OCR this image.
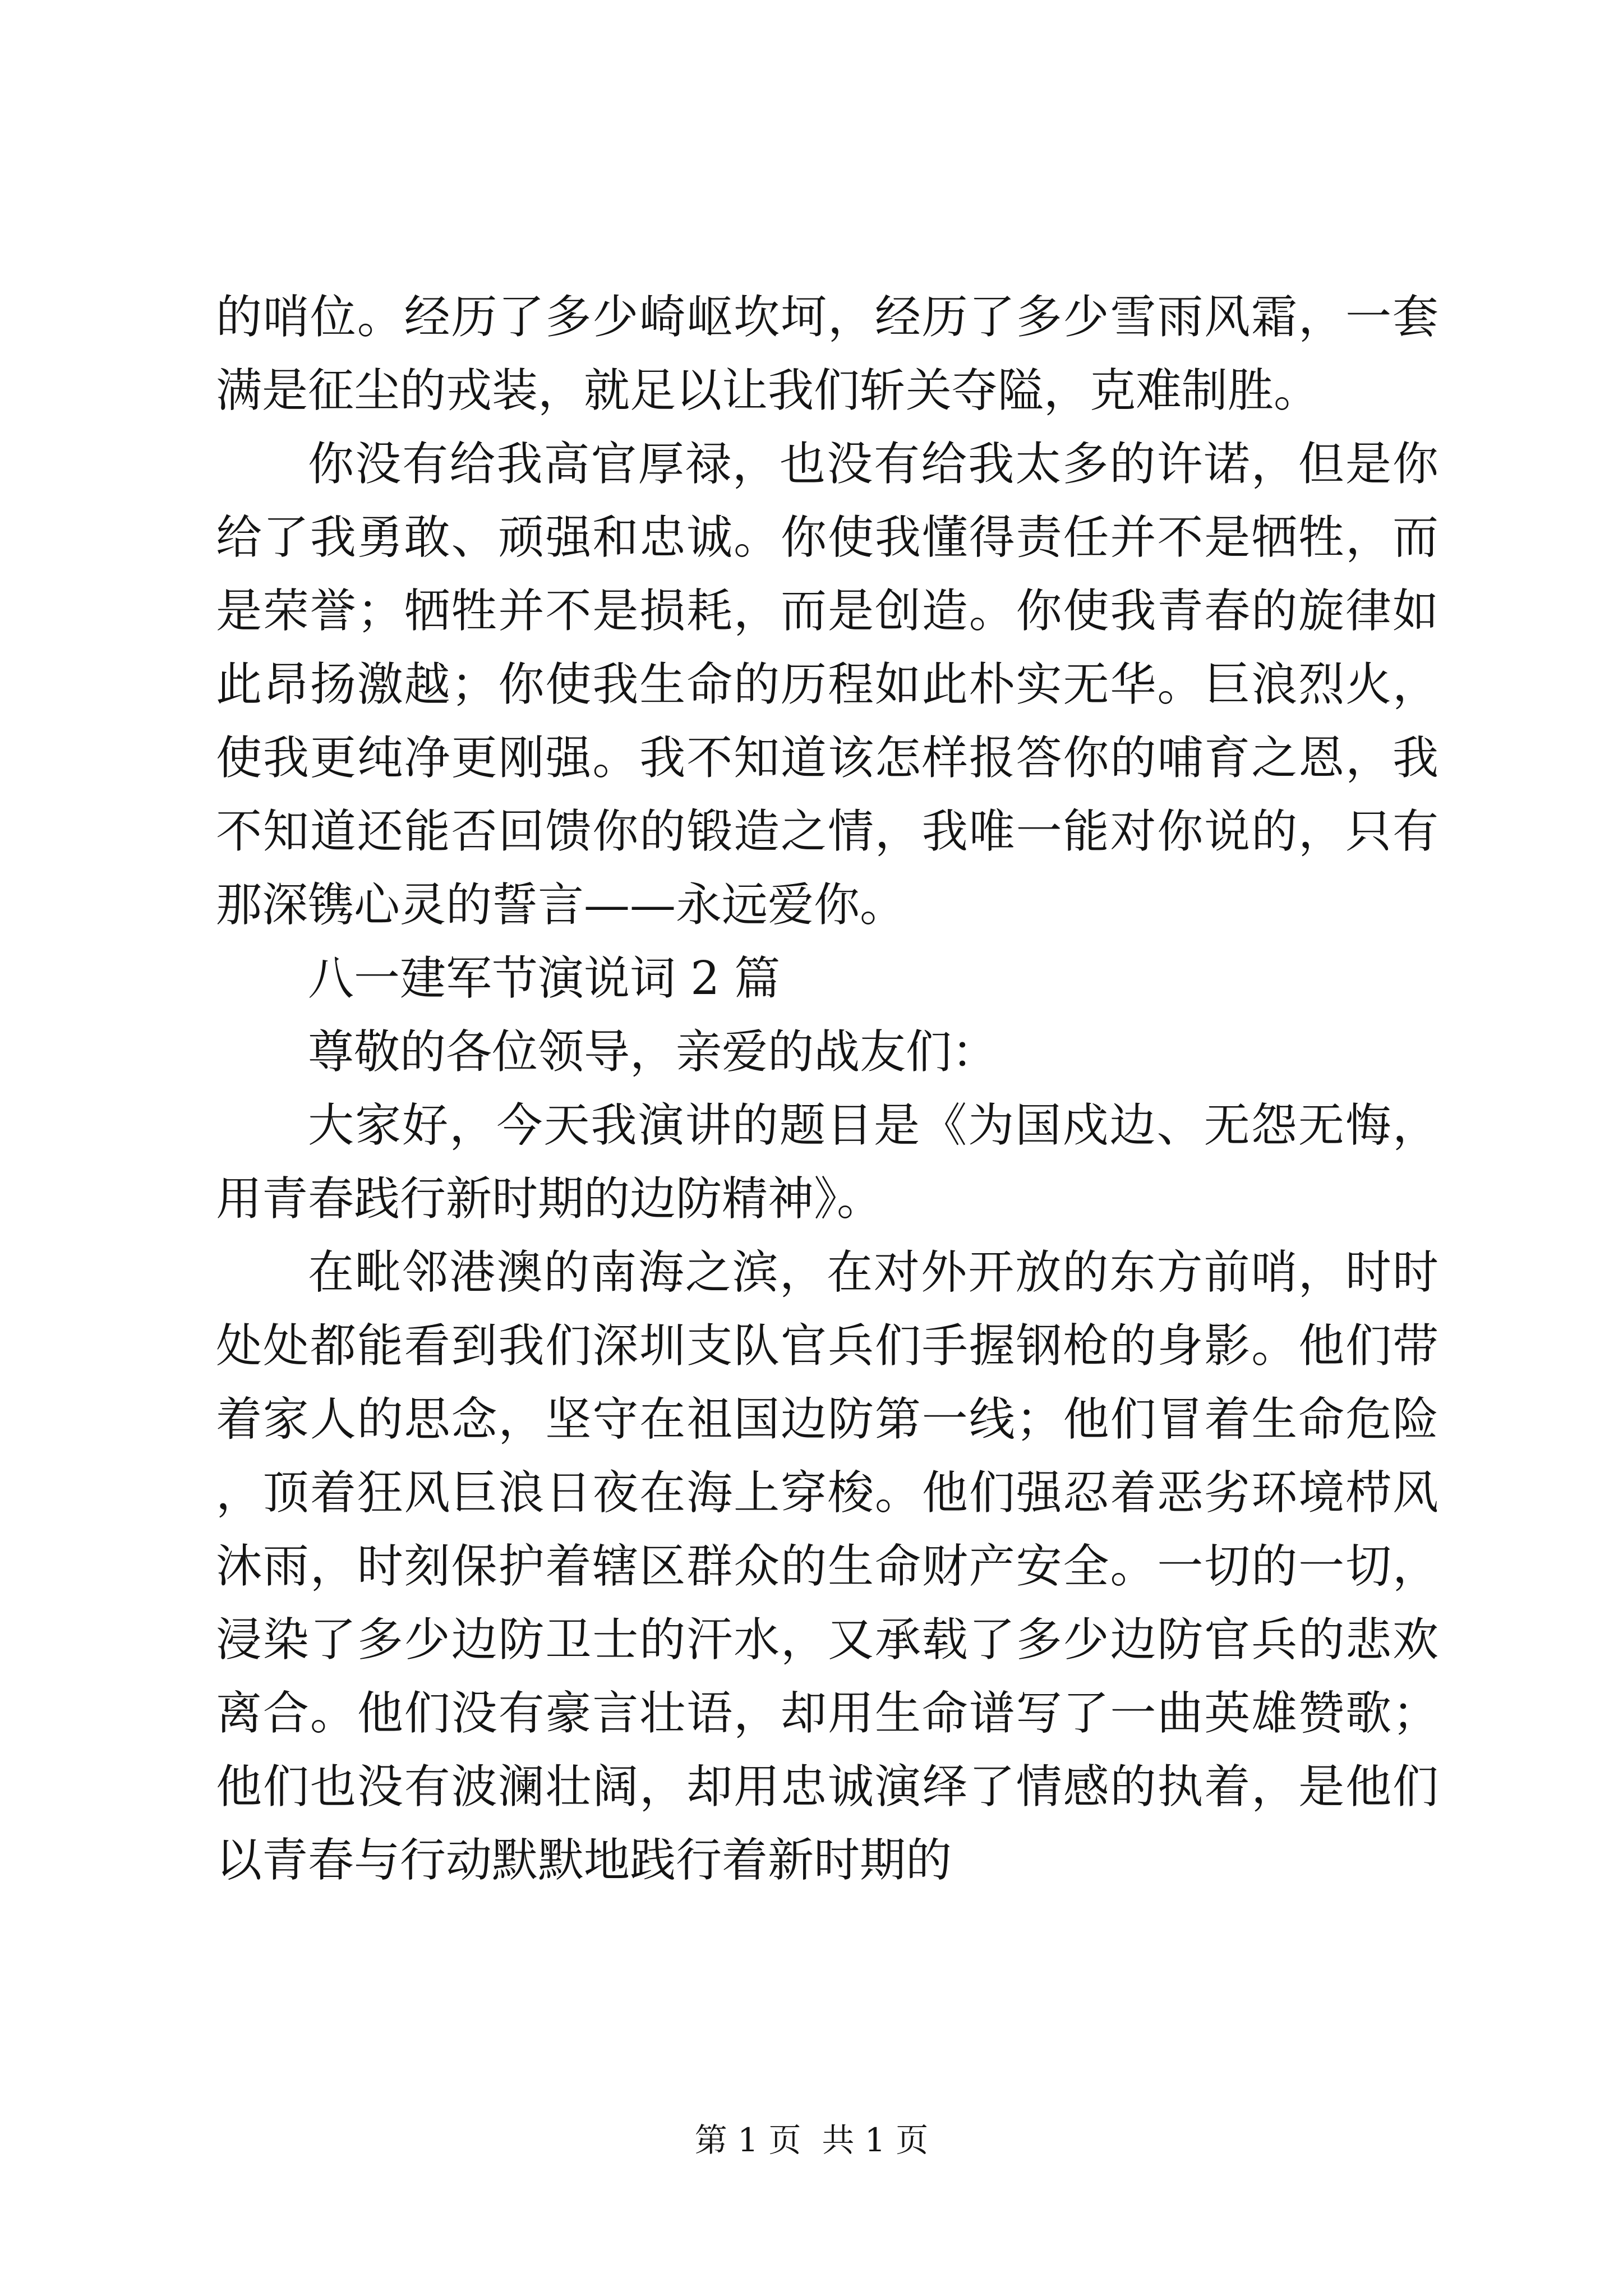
的哨位。经历了多少崎岖坎坷，经历了多少雪雨风霜，一套满是征尘的戎装，就足以让我们斩关夺隘，克难制胜。

你没有给我高官厚禄，也没有给我太多的许诺，但是你给了我勇敢、顽强和忠诚。你使我懂得责任并不是牺牲，而是荣誉；牺牲并不是损耗，而是创造。你使我青春的旋律如此昂扬激越；你使我生命的历程如此朴实无华。巨浪烈火，使我更纯净更刚强。我不知道该怎样报答你的哺育之恩，我不知道还能否回馈你的锻造之情，我唯一能对你说的，只有那深镌心灵的誓言——永远爱你。

八一建军节演说词 2 篇

尊敬的各位领导，亲爱的战友们：

大家好，今天我演讲的题目是《为国戍边、无怨无悔，用青春践行新时期的边防精神》。

在毗邻港澳的南海之滨，在对外开放的东方前哨，时时处处都能看到我们深圳支队官兵们手握钢枪的身影。他们带着家人的思念，坚守在祖国边防第一线；他们冒着生命危险，顶着狂风巨浪日夜在海上穿梭。他们强忍着恶劣环境栉风沐雨，时刻保护着辖区群众的生命财产安全。一切的一切，浸染了多少边防卫士的汗水，又承载了多少边防官兵的悲欢离合。他们没有豪言壮语，却用生命谱写了一曲英雄赞歌；他们也没有波澜壮阔，却用忠诚演绎了情感的执着，是他们以青春与行动默默地践行着新时期的

第 1 页  共 1 页
